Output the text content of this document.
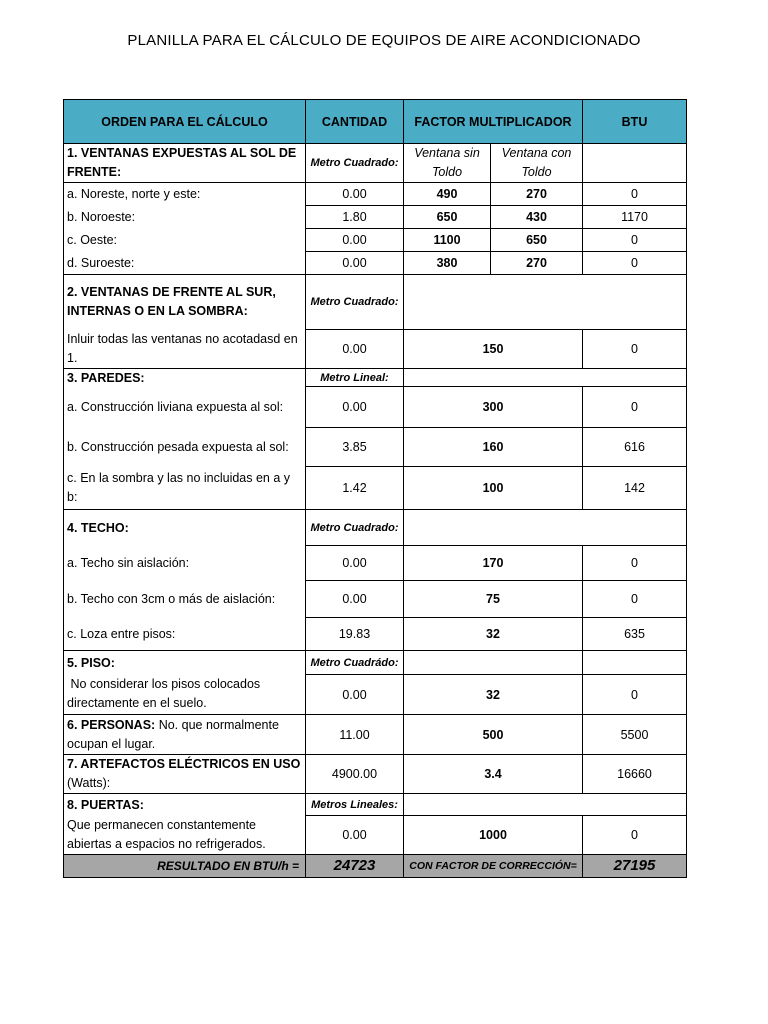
PLANILLA PARA EL CÁLCULO DE EQUIPOS DE AIRE ACONDICIONADO
ORDEN PARA EL CÁLCULO	CANTIDAD	FACTOR MULTIPLICADOR		BTU
1. VENTANAS EXPUESTAS AL SOL DE FRENTE:	Metro Cuadrado:	Ventana sin Toldo	Ventana con Toldo	
a. Noreste, norte y este:	0.00	490	270	0
b. Noroeste:	1.80	650	430	1170
c. Oeste:	0.00	1100	650	0
d. Suroeste:	0.00	380	270	0
2. VENTANAS DE FRENTE AL SUR, INTERNAS O EN LA SOMBRA:	Metro Cuadrado:			
Inluir todas las ventanas no acotadasd en 1.	0.00	150		0
3. PAREDES:	Metro Lineal:			
a. Construcción liviana expuesta al sol:	0.00	300		0
b. Construcción pesada expuesta al sol:	3.85	160		616
c. En la sombra y las no incluidas en a y b:	1.42	100		142
4. TECHO:	Metro Cuadrado:			
a. Techo sin aislación:	0.00	170		0
b. Techo con 3cm o más de aislación:	0.00	75		0
c. Loza entre pisos:	19.83	32		635
5. PISO:	Metro Cuadrádo:			
No considerar los pisos colocados directamente en el suelo.	0.00	32		0
6. PERSONAS: No. que normalmente ocupan el lugar.	11.00	500		5500
7. ARTEFACTOS ELÉCTRICOS EN USO (Watts):	4900.00	3.4		16660
8. PUERTAS:	Metros Lineales:			
Que permanecen constantemente abiertas a espacios no refrigerados.	0.00	1000		0
RESULTADO EN BTU/h =	24723	CON FACTOR DE CORRECCIÓN=		27195
